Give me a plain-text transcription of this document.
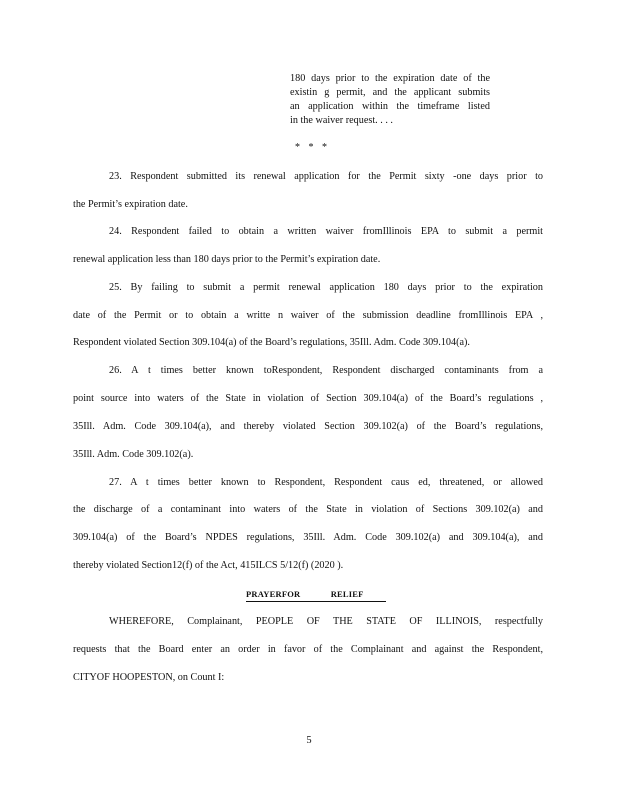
180 days prior to the expiration date of the
existin g permit, and the applicant submits
an application within the timeframe listed
in the waiver request. . . .
* * *
23. Respondent submitted its renewal application for the Permit sixty -one days prior to
the Permit’s expiration date.
24. Respondent failed to obtain a written waiver fromIllinois EPA to submit a permit
renewal application less than 180 days prior to the Permit’s expiration date.
25. By failing to submit a permit renewal application 180 days prior to the expiration
date of the Permit or to obtain a writte n waiver of the submission deadline fromIllinois EPA ,
Respondent violated Section 309.104(a) of the Board’s regulations, 35Ill. Adm. Code 309.104(a).
26. A t times better known toRespondent, Respondent discharged contaminants from a
point source into waters of the State in violation of Section 309.104(a) of the Board’s regulations ,
35Ill. Adm. Code 309.104(a), and thereby violated Section 309.102(a) of the Board’s regulations,
35Ill. Adm. Code 309.102(a).
27. A t times better known to Respondent, Respondent caus ed, threatened, or allowed
the discharge of a contaminant into waters of the State in violation of Sections 309.102(a) and
309.104(a) of the Board’s NPDES regulations, 35Ill. Adm. Code 309.102(a) and 309.104(a), and
thereby violated Section12(f) of the Act, 415ILCS 5/12(f) (2020 ).
PRAYERFOR RELIEF
WHEREFORE, Complainant, PEOPLE OF THE STATE OF ILLINOIS, respectfully
requests that the Board enter an order in favor of the Complainant and against the Respondent,
CITYOF HOOPESTON, on Count I:
5
